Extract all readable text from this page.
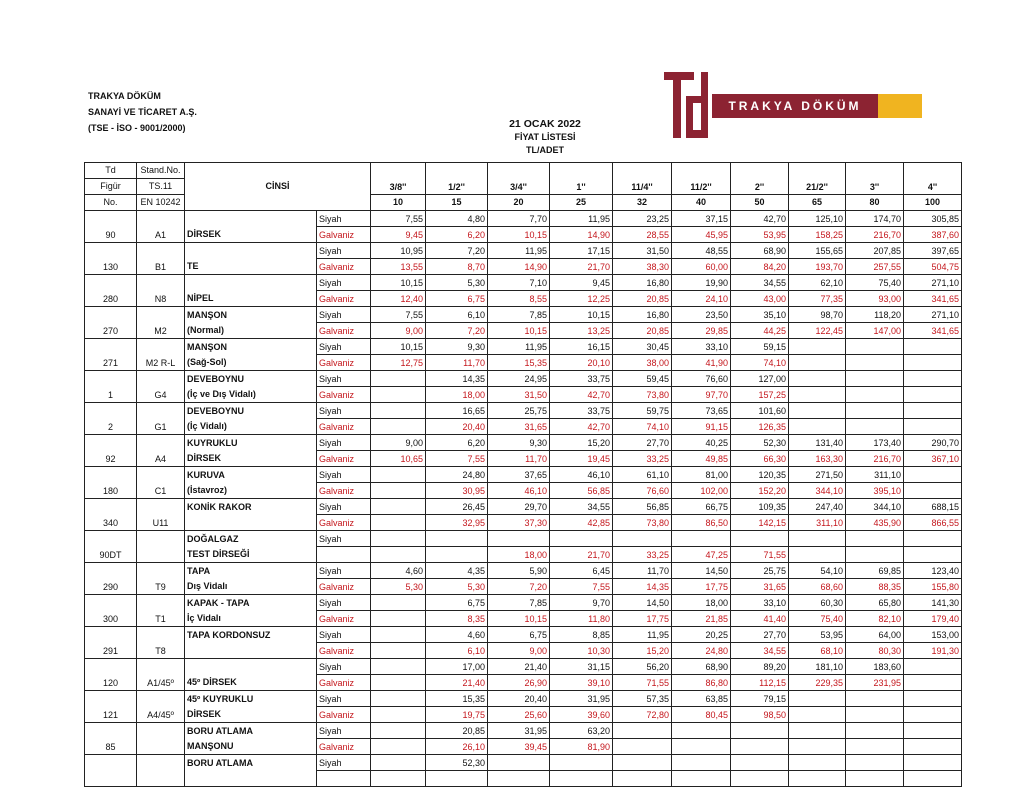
TRAKYA DÖKÜM
SANAYİ VE TİCARET A.Ş.
(TSE - İSO - 9001/2000)	21 OCAK 2022
FİYAT LİSTESİ
TL/ADET
TRAKYA DÖKÜM
Td	Stand.No.	CİNSİ		3/8''	1/2''	3/4''	1''	11/4''	11/2''	2''	21/2''	3''	4''
Figür	TS.11												
No.	EN 10242			10	15	20	25	32	40	50	65	80	100
90	A1		Siyah	7,55	4,80	7,70	11,95	23,25	37,15	42,70	125,10	174,70	305,85
		DİRSEK	Galvaniz	9,45	6,20	10,15	14,90	28,55	45,95	53,95	158,25	216,70	387,60
130	B1		Siyah	10,95	7,20	11,95	17,15	31,50	48,55	68,90	155,65	207,85	397,65
		TE	Galvaniz	13,55	8,70	14,90	21,70	38,30	60,00	84,20	193,70	257,55	504,75
280	N8		Siyah	10,15	5,30	7,10	9,45	16,80	19,90	34,55	62,10	75,40	271,10
		NİPEL	Galvaniz	12,40	6,75	8,55	12,25	20,85	24,10	43,00	77,35	93,00	341,65
270	M2	MANŞON	Siyah	7,55	6,10	7,85	10,15	16,80	23,50	35,10	98,70	118,20	271,10
		(Normal)	Galvaniz	9,00	7,20	10,15	13,25	20,85	29,85	44,25	122,45	147,00	341,65
271	M2 R-L	MANŞON	Siyah	10,15	9,30	11,95	16,15	30,45	33,10	59,15			
		(Sağ-Sol)	Galvaniz	12,75	11,70	15,35	20,10	38,00	41,90	74,10			
1	G4	DEVEBOYNU	Siyah		14,35	24,95	33,75	59,45	76,60	127,00			
		(İç ve Dış Vidalı)	Galvaniz		18,00	31,50	42,70	73,80	97,70	157,25			
2	G1	DEVEBOYNU	Siyah		16,65	25,75	33,75	59,75	73,65	101,60			
		(İç Vidalı)	Galvaniz		20,40	31,65	42,70	74,10	91,15	126,35			
92	A4	KUYRUKLU	Siyah	9,00	6,20	9,30	15,20	27,70	40,25	52,30	131,40	173,40	290,70
		DİRSEK	Galvaniz	10,65	7,55	11,70	19,45	33,25	49,85	66,30	163,30	216,70	367,10
180	C1	KURUVA	Siyah		24,80	37,65	46,10	61,10	81,00	120,35	271,50	311,10	
		(İstavroz)	Galvaniz		30,95	46,10	56,85	76,60	102,00	152,20	344,10	395,10	
340	U11	KONİK RAKOR	Siyah		26,45	29,70	34,55	56,85	66,75	109,35	247,40	344,10	688,15
			Galvaniz		32,95	37,30	42,85	73,80	86,50	142,15	311,10	435,90	866,55
90DT		DOĞALGAZ	Siyah										
		TEST DİRSEĞİ				18,00	21,70	33,25	47,25	71,55			
290	T9	TAPA	Siyah	4,60	4,35	5,90	6,45	11,70	14,50	25,75	54,10	69,85	123,40
		Dış Vidalı	Galvaniz	5,30	5,30	7,20	7,55	14,35	17,75	31,65	68,60	88,35	155,80
300	T1	KAPAK - TAPA	Siyah		6,75	7,85	9,70	14,50	18,00	33,10	60,30	65,80	141,30
		İç Vidalı	Galvaniz		8,35	10,15	11,80	17,75	21,85	41,40	75,40	82,10	179,40
291	T8	TAPA KORDONSUZ	Siyah		4,60	6,75	8,85	11,95	20,25	27,70	53,95	64,00	153,00
			Galvaniz		6,10	9,00	10,30	15,20	24,80	34,55	68,10	80,30	191,30
120	A1/45º		Siyah		17,00	21,40	31,15	56,20	68,90	89,20	181,10	183,60	
		45º DİRSEK	Galvaniz		21,40	26,90	39,10	71,55	86,80	112,15	229,35	231,95	
121	A4/45º	45º KUYRUKLU	Siyah		15,35	20,40	31,95	57,35	63,85	79,15			
		DİRSEK	Galvaniz		19,75	25,60	39,60	72,80	80,45	98,50			
85		BORU ATLAMA	Siyah		20,85	31,95	63,20						
		MANŞONU	Galvaniz		26,10	39,45	81,90						
		BORU ATLAMA	Siyah		52,30								
